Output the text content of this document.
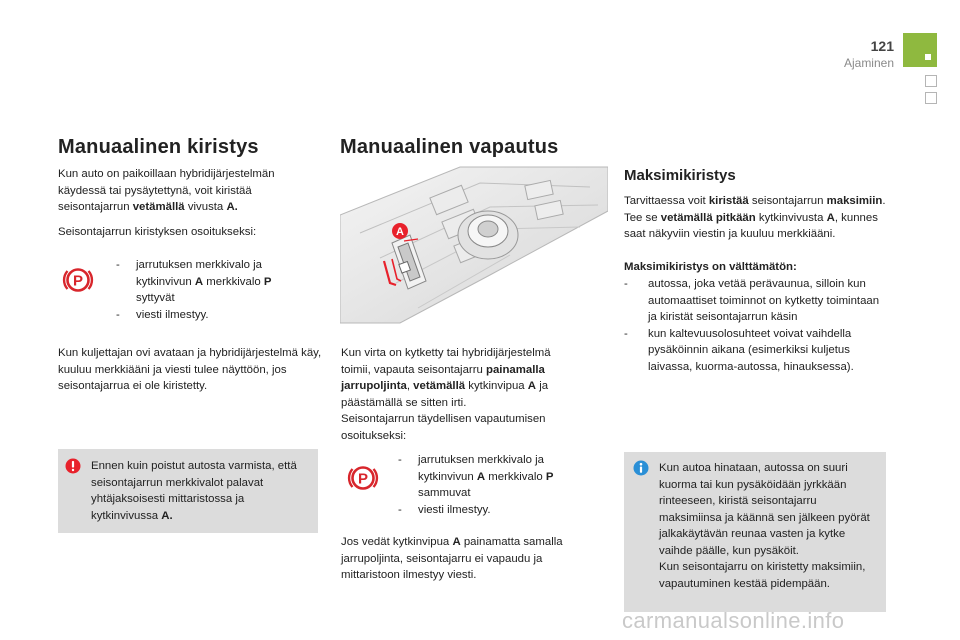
121
Ajaminen
Manuaalinen kiristys
Kun auto on paikoillaan hybridijärjestelmän käydessä tai pysäytettynä, voit kiristää seisontajarrun vetämällä vivusta A.
Seisontajarrun kiristyksen osoitukseksi:
P
- jarrutuksen merkkivalo ja kytkinvivun A merkkivalo P syttyvät
- viesti ilmestyy.
Kun kuljettajan ovi avataan ja hybridijärjestelmä käy, kuuluu merkkiääni ja viesti tulee näyttöön, jos seisontajarrua ei ole kiristetty.
Ennen kuin poistut autosta varmista, että seisontajarrun merkkivalot palavat yhtäjaksoisesti mittaristossa ja kytkinvivussa A.
Manuaalinen vapautus
A
Kun virta on kytketty tai hybridijärjestelmä toimii, vapauta seisontajarru painamalla jarrupoljinta, vetämällä kytkinvipua A ja päästämällä se sitten irti.
Seisontajarrun täydellisen vapautumisen osoitukseksi:
P
- jarrutuksen merkkivalo ja kytkinvivun A merkkivalo P sammuvat
- viesti ilmestyy.
Jos vedät kytkinvipua A painamatta samalla jarrupoljinta, seisontajarru ei vapaudu ja mittaristoon ilmestyy viesti.
Maksimikiristys
Tarvittaessa voit kiristää seisontajarrun maksimiin. Tee se vetämällä pitkään kytkinvivusta A, kunnes saat näkyviin viestin ja kuuluu merkkiääni.
Maksimikiristys on välttämätön:
- autossa, joka vetää perävaunua, silloin kun automaattiset toiminnot on kytketty toimintaan ja kiristät seisontajarrun käsin
- kun kaltevuusolosuhteet voivat vaihdella pysäköinnin aikana (esimerkiksi kuljetus laivassa, kuorma-autossa, hinauksessa).
Kun autoa hinataan, autossa on suuri kuorma tai kun pysäköidään jyrkkään rinteeseen, kiristä seisontajarru maksimiinsa ja käännä sen jälkeen pyörät jalkakäytävän reunaa vasten ja kytke vaihde päälle, kun pysäköit.
Kun seisontajarru on kiristetty maksimiin, vapautuminen kestää pidempään.
carmanualsonline.info
